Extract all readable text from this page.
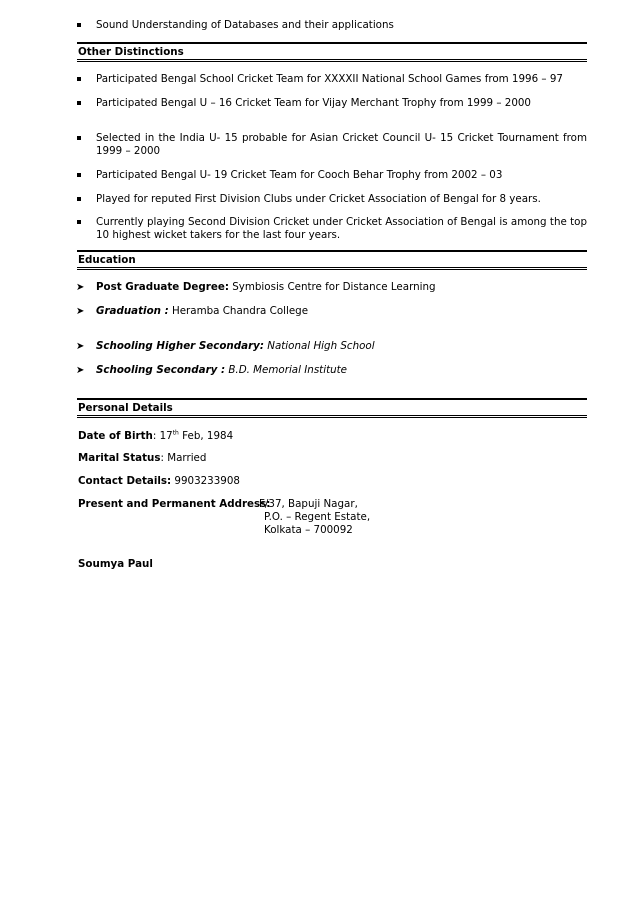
Sound Understanding of Databases and their applications
Other Distinctions
Participated Bengal School Cricket Team for XXXXII National School Games from 1996 – 97
Participated Bengal U – 16 Cricket Team for Vijay Merchant Trophy from 1999 – 2000
Selected in the India U- 15 probable for Asian Cricket Council U- 15 Cricket Tournament from 1999 – 2000
Participated Bengal U- 19 Cricket Team for Cooch Behar Trophy from 2002 – 03
Played for reputed First Division Clubs under Cricket Association of Bengal for 8 years.
Currently playing Second Division Cricket under Cricket Association of Bengal is among the top 10 highest wicket takers for the last four years.
Education
➤ Post Graduate Degree: Symbiosis Centre for Distance Learning
➤ Graduation : Heramba Chandra College
➤ Schooling Higher Secondary: National High School
➤ Schooling Secondary : B.D. Memorial Institute
Personal Details
Date of Birth: 17th Feb, 1984
Marital Status: Married
Contact Details: 9903233908
Present and Permanent Address:
F/37, Bapuji Nagar,
P.O. – Regent Estate,
Kolkata – 700092
Soumya Paul
